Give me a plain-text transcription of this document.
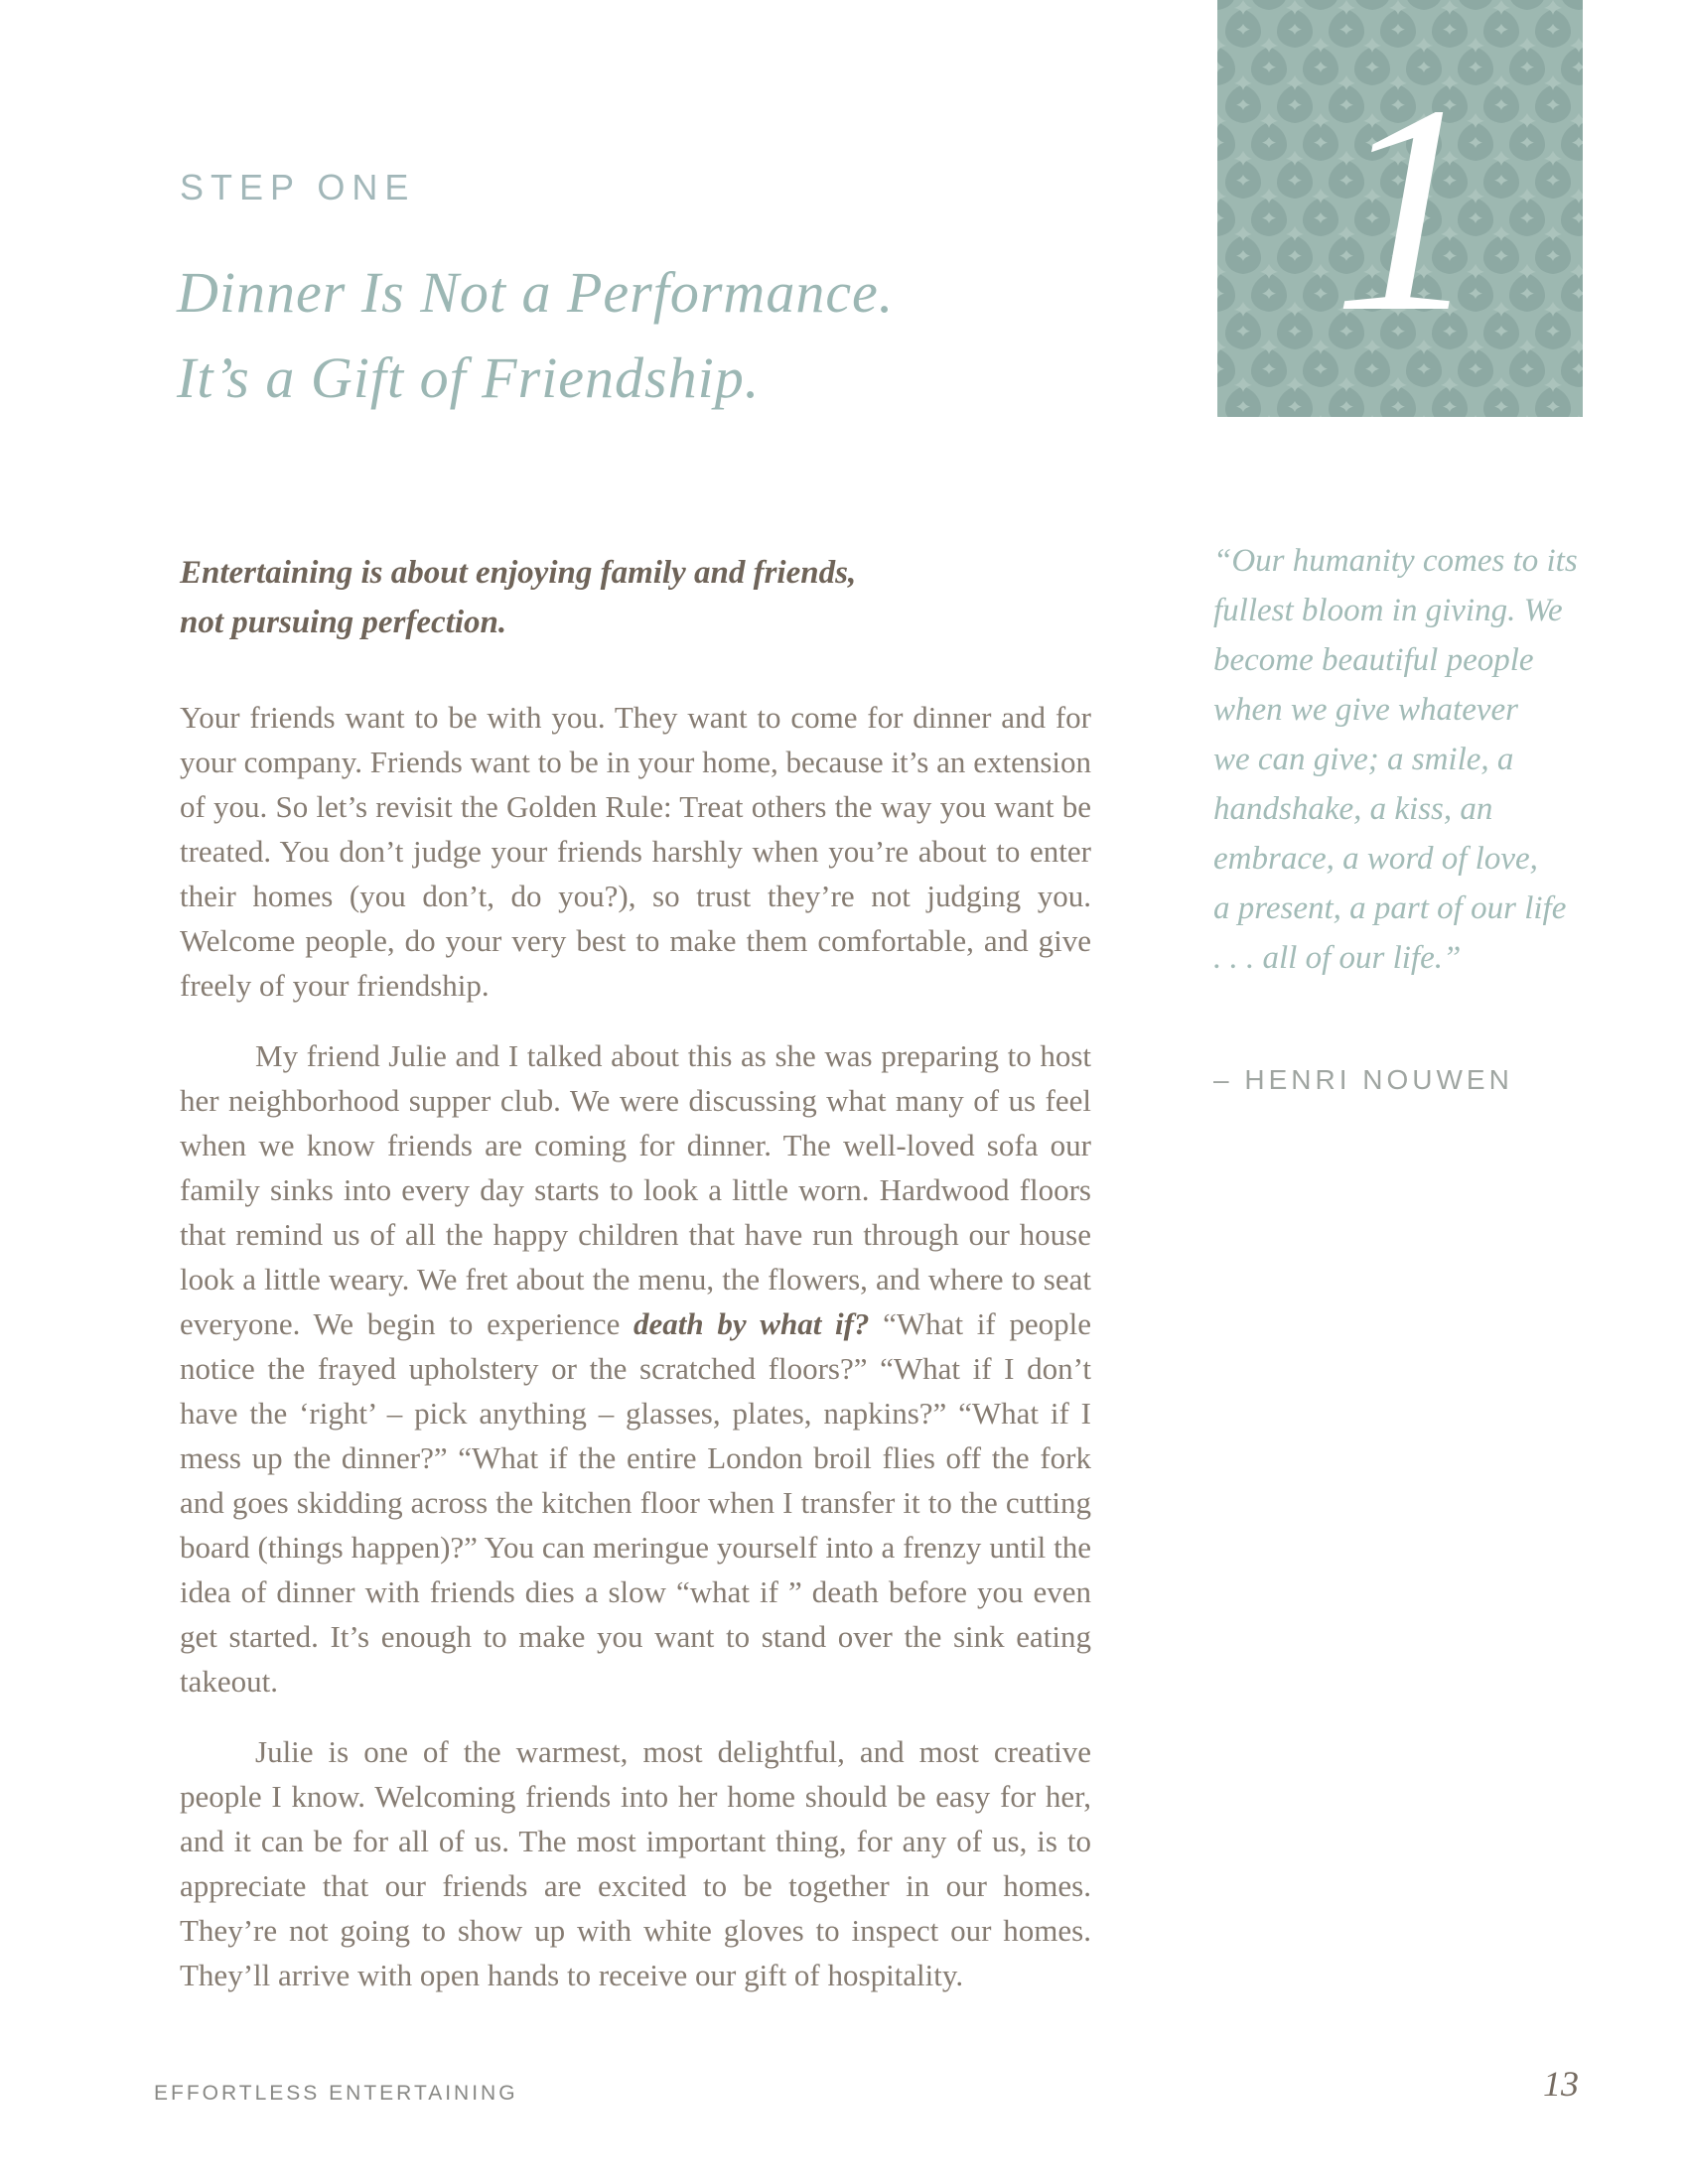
STEP ONE
Dinner Is Not a Performance.
It’s a Gift of Friendship.
1
Entertaining is about enjoying family and friends,
not pursuing perfection.

Your friends want to be with you. They want to come for dinner and for your company. Friends want to be in your home, because it’s an extension of you. So let’s revisit the Golden Rule: Treat others the way you want be treated. You don’t judge your friends harshly when you’re about to enter their homes (you don’t, do you?), so trust they’re not judging you. Welcome people, do your very best to make them comfortable, and give freely of your friendship.

My friend Julie and I talked about this as she was preparing to host her neighborhood supper club. We were discussing what many of us feel when we know friends are coming for dinner. The well-loved sofa our family sinks into every day starts to look a little worn. Hardwood floors that remind us of all the happy children that have run through our house look a little weary. We fret about the menu, the flowers, and where to seat everyone. We begin to experience death by what if? “What if people notice the frayed upholstery or the scratched floors?” “What if I don’t have the ‘right’ – pick anything – glasses, plates, napkins?” “What if I mess up the dinner?” “What if the entire London broil flies off the fork and goes skidding across the kitchen floor when I transfer it to the cutting board (things happen)?” You can meringue yourself into a frenzy until the idea of dinner with friends dies a slow “what if ” death before you even get started. It’s enough to make you want to stand over the sink eating takeout.

Julie is one of the warmest, most delightful, and most creative people I know. Welcoming friends into her home should be easy for her, and it can be for all of us. The most important thing, for any of us, is to appreciate that our friends are excited to be together in our homes. They’re not going to show up with white gloves to inspect our homes. They’ll arrive with open hands to receive our gift of hospitality.

“Our humanity comes to its
fullest bloom in giving. We
become beautiful people
when we give whatever
we can give; a smile, a
handshake, a kiss, an
embrace, a word of love,
a present, a part of our life
. . . all of our life.”
– HENRI NOUWEN
EFFORTLESS ENTERTAINING	13
